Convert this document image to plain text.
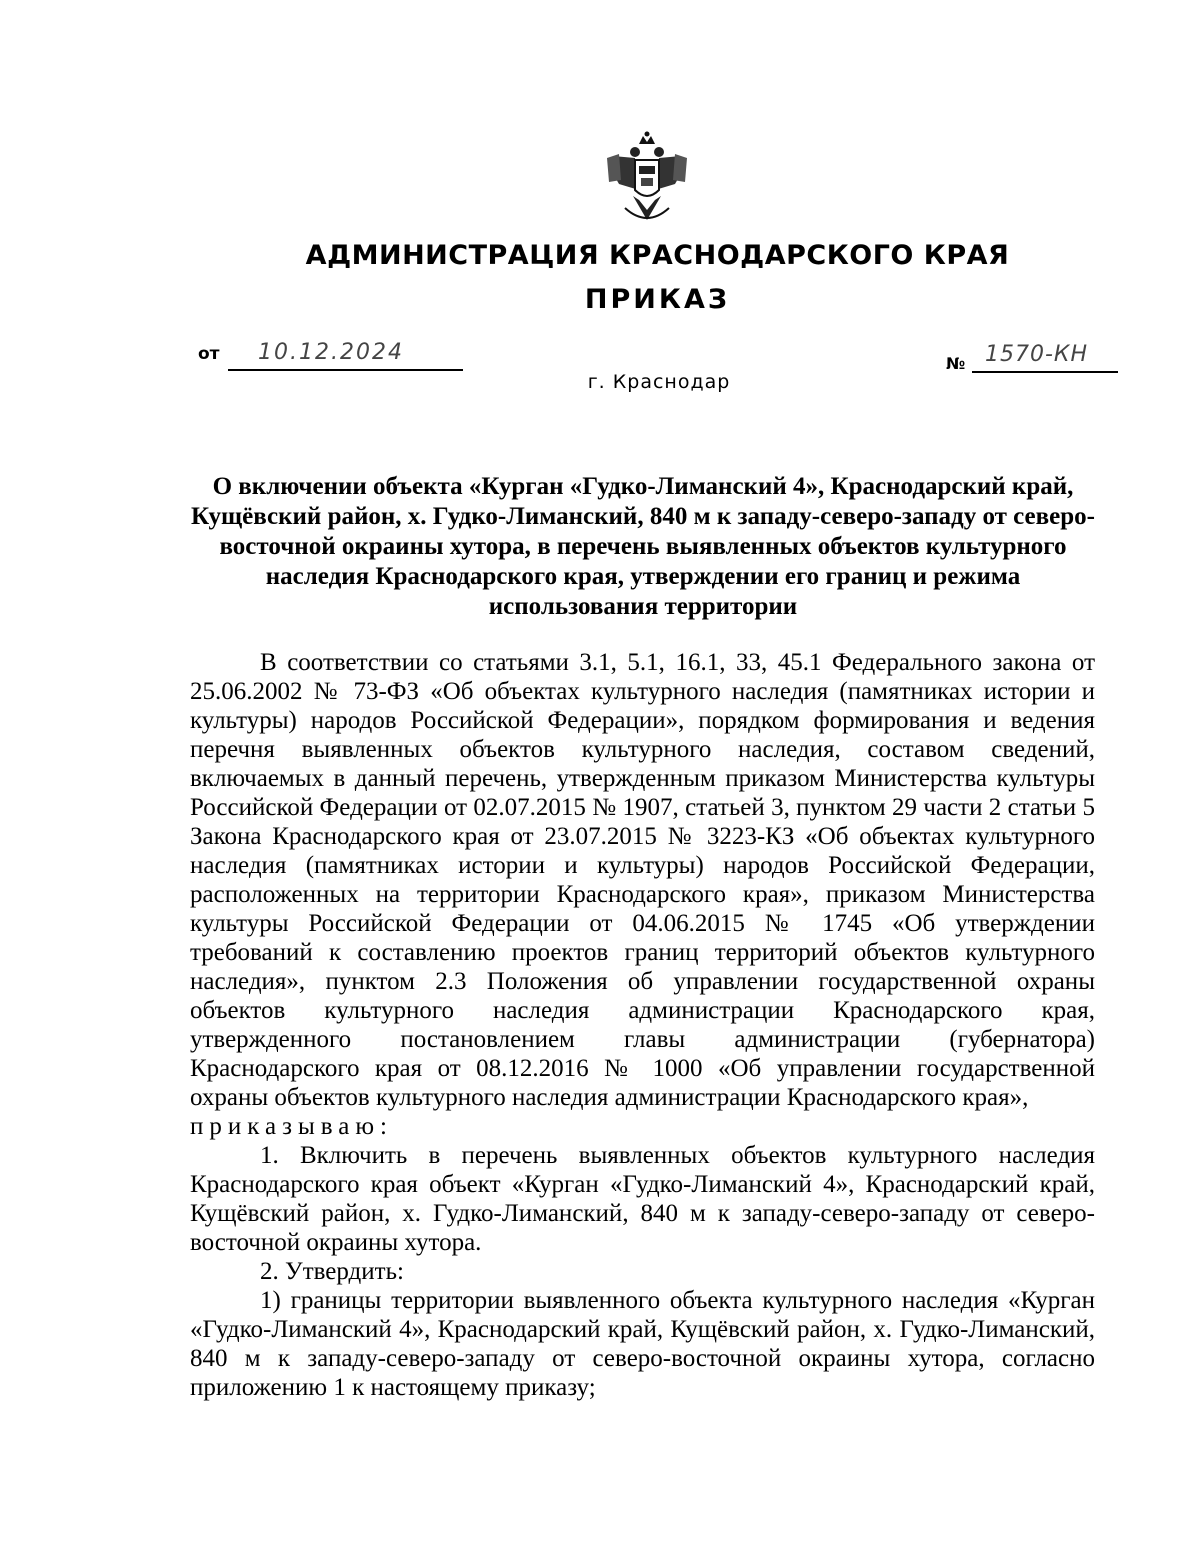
АДМИНИСТРАЦИЯ КРАСНОДАРСКОГО КРАЯ
ПРИКАЗ
от 10.12.2024	№ 1570-КН
г. Краснодар
О включении объекта «Курган «Гудко-Лиманский 4», Краснодарский край, Кущёвский район, х. Гудко-Лиманский, 840 м к западу-северо-западу от северо-восточной окраины хутора, в перечень выявленных объектов культурного наследия Краснодарского края, утверждении его границ и режима использования территории

В соответствии со статьями 3.1, 5.1, 16.1, 33, 45.1 Федерального закона от 25.06.2002 № 73-ФЗ «Об объектах культурного наследия (памятниках истории и культуры) народов Российской Федерации», порядком формирования и ведения перечня выявленных объектов культурного наследия, составом сведений, включаемых в данный перечень, утвержденным приказом Министерства культуры Российской Федерации от 02.07.2015 № 1907, статьей 3, пунктом 29 части 2 статьи 5 Закона Краснодарского края от 23.07.2015 № 3223-КЗ «Об объектах культурного наследия (памятниках истории и культуры) народов Российской Федерации, расположенных на территории Краснодарского края», приказом Министерства культуры Российской Федерации от 04.06.2015 № 1745 «Об утверждении требований к составлению проектов границ территорий объектов культурного наследия», пунктом 2.3 Положения об управлении государственной охраны объектов культурного наследия администрации Краснодарского края, утвержденного постановлением главы администрации (губернатора) Краснодарского края от 08.12.2016 № 1000 «Об управлении государственной охраны объектов культурного наследия администрации Краснодарского края»,

приказываю:

1. Включить в перечень выявленных объектов культурного наследия Краснодарского края объект «Курган «Гудко-Лиманский 4», Краснодарский край, Кущёвский район, х. Гудко-Лиманский, 840 м к западу-северо-западу от северо-восточной окраины хутора.

2. Утвердить:

1) границы территории выявленного объекта культурного наследия «Курган «Гудко-Лиманский 4», Краснодарский край, Кущёвский район, х. Гудко-Лиманский, 840 м к западу-северо-западу от северо-восточной окраины хутора, согласно приложению 1 к настоящему приказу;
